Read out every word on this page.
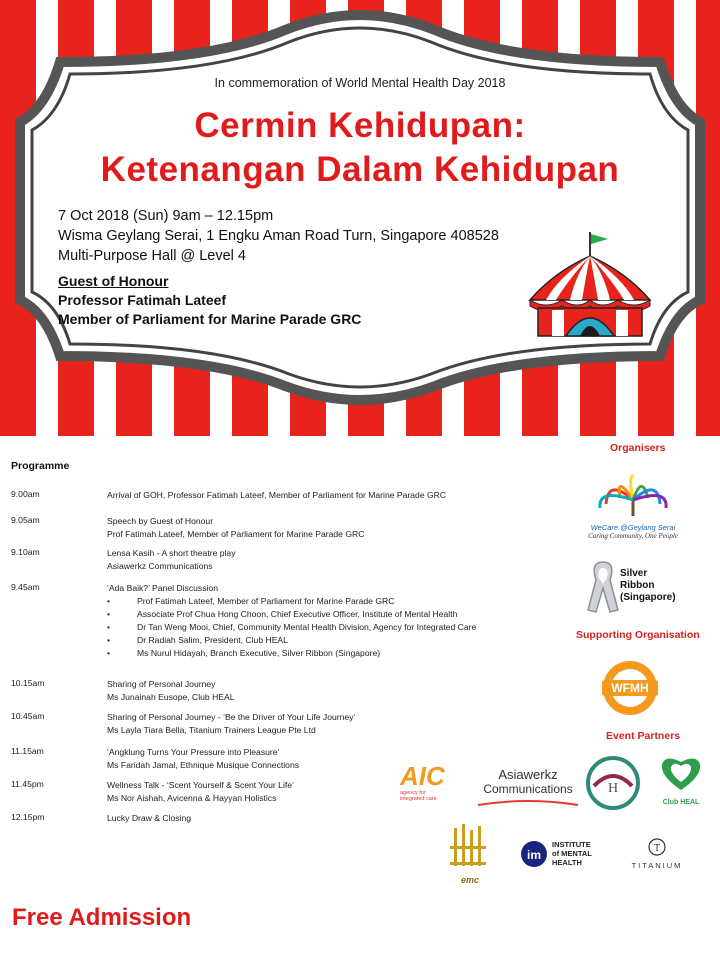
In commemoration of World Mental Health Day 2018
Cermin Kehidupan:
Ketenangan Dalam Kehidupan
7 Oct 2018 (Sun) 9am – 12.15pm
Wisma Geylang Serai, 1 Engku Aman Road Turn, Singapore 408528
Multi-Purpose Hall @ Level 4
Guest of Honour
Professor Fatimah Lateef
Member of Parliament for Marine Parade GRC
Programme
9.00am	Arrival of GOH, Professor Fatimah Lateef, Member of Parliament for Marine Parade GRC
9.05am	Speech by Guest of Honour
Prof Fatimah Lateef, Member of Parliament for Marine Parade GRC
9.10am	Lensa Kasih - A short theatre play
Asiawerkz Communications
9.45am	‘Ada Baik?’ Panel Discussion
• Prof Fatimah Lateef, Member of Parliament for Marine Parade GRC
• Associate Prof Chua Hong Choon, Chief Executive Officer, Institute of Mental Health
• Dr Tan Weng Mooi, Chief, Community Mental Health Division, Agency for Integrated Care
• Dr Radiah Salim, President, Club HEAL
• Ms Nurul Hidayah, Branch Executive, Silver Ribbon (Singapore)
10.15am	Sharing of Personal Journey
Ms Junainah Eusope, Club HEAL
10.45am	Sharing of Personal Journey - ‘Be the Driver of Your Life Journey’
Ms Layla Tiara Bella, Titanium Trainers League Pte Ltd
11.15am	‘Angklung Turns Your Pressure into Pleasure’
Ms Faridah Jamal, Ethnique Musique Connections
11.45pm	Wellness Talk - ‘Scent Yourself & Scent Your Life’
Ms Nor Aishah, Avicenna & Hayyan Holistics
12.15pm	Lucky Draw & Closing
Organisers
Supporting Organisation
Event Partners
WeCare @Geylang Serai
Caring Community, One People
Silver
Ribbon
(Singapore)
WFMH
AIC
agency for
integrated care
Asiawerkz
Communications	H
Club HEAL
emc
im
INSTITUTE
of MENTAL
HEALTH
T
TITANIUM
Free Admission
